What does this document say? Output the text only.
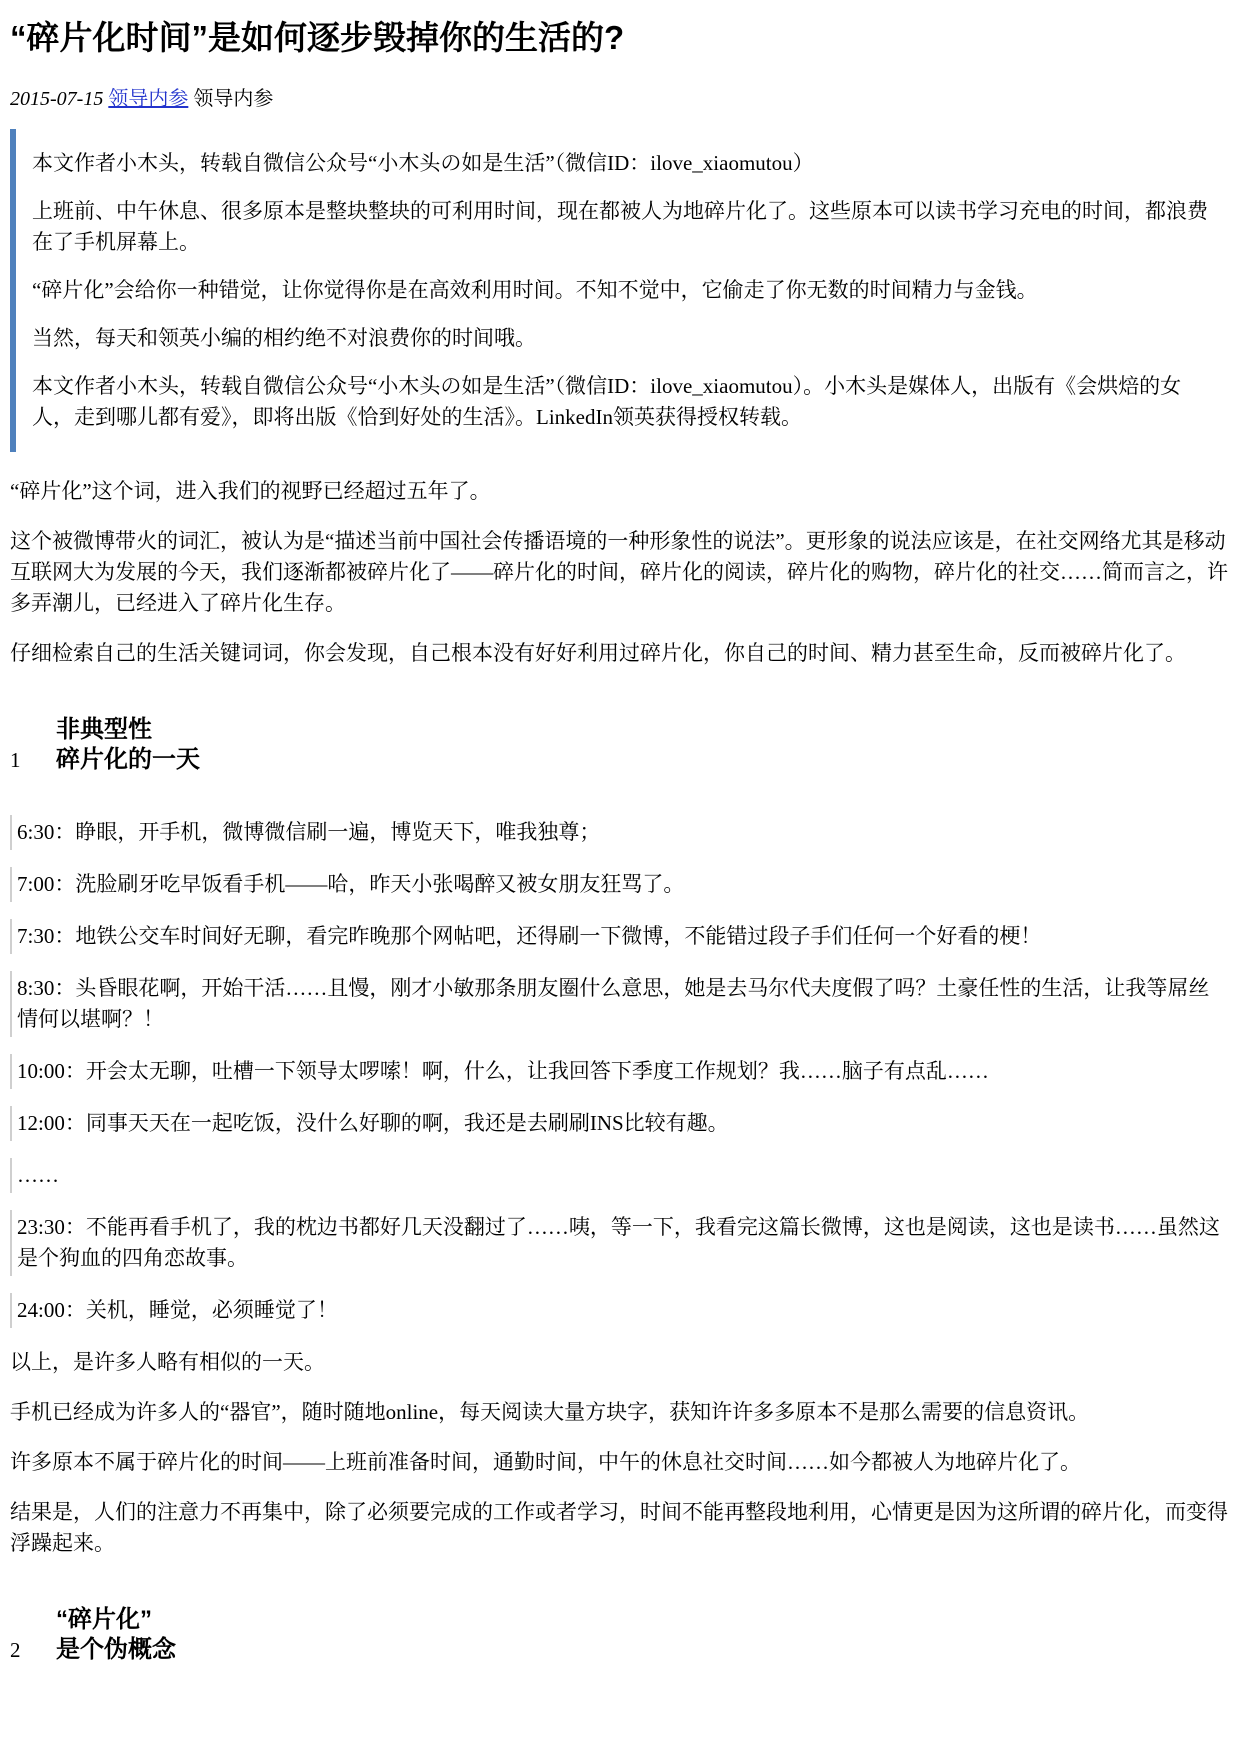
“碎片化时间”是如何逐步毁掉你的生活的?
2015-07-15 领导内参 领导内参

本文作者小木头，转载自微信公众号“小木头の如是生活”（微信ID：ilove_xiaomutou）

上班前、中午休息、很多原本是整块整块的可利用时间，现在都被人为地碎片化了。这些原本可以读书学习充电的时间，都浪费在了手机屏幕上。

“碎片化”会给你一种错觉，让你觉得你是在高效利用时间。不知不觉中，它偷走了你无数的时间精力与金钱。

当然，每天和领英小编的相约绝不对浪费你的时间哦。

本文作者小木头，转载自微信公众号“小木头の如是生活”（微信ID：ilove_xiaomutou）。小木头是媒体人，出版有《会烘焙的女人，走到哪儿都有爱》，即将出版《恰到好处的生活》。LinkedIn领英获得授权转载。

“碎片化”这个词，进入我们的视野已经超过五年了。

这个被微博带火的词汇，被认为是“描述当前中国社会传播语境的一种形象性的说法”。更形象的说法应该是，在社交网络尤其是移动互联网大为发展的今天，我们逐渐都被碎片化了——碎片化的时间，碎片化的阅读，碎片化的购物，碎片化的社交……简而言之，许多弄潮儿，已经进入了碎片化生存。

仔细检索自己的生活关键词词，你会发现，自己根本没有好好利用过碎片化，你自己的时间、精力甚至生命，反而被碎片化了。

1
非典型性
碎片化的一天

6:30：睁眼，开手机，微博微信刷一遍，博览天下，唯我独尊；

7:00：洗脸刷牙吃早饭看手机——哈，昨天小张喝醉又被女朋友狂骂了。

7:30：地铁公交车时间好无聊，看完昨晚那个网帖吧，还得刷一下微博，不能错过段子手们任何一个好看的梗！

8:30：头昏眼花啊，开始干活……且慢，刚才小敏那条朋友圈什么意思，她是去马尔代夫度假了吗？土豪任性的生活，让我等屌丝情何以堪啊？！

10:00：开会太无聊，吐槽一下领导太啰嗦！啊，什么，让我回答下季度工作规划？我……脑子有点乱……

12:00：同事天天在一起吃饭，没什么好聊的啊，我还是去刷刷INS比较有趣。

……

23:30：不能再看手机了，我的枕边书都好几天没翻过了……咦，等一下，我看完这篇长微博，这也是阅读，这也是读书……虽然这是个狗血的四角恋故事。

24:00：关机，睡觉，必须睡觉了！

以上，是许多人略有相似的一天。

手机已经成为许多人的“器官”，随时随地online，每天阅读大量方块字，获知许许多多原本不是那么需要的信息资讯。

许多原本不属于碎片化的时间——上班前准备时间，通勤时间，中午的休息社交时间……如今都被人为地碎片化了。

结果是，人们的注意力不再集中，除了必须要完成的工作或者学习，时间不能再整段地利用，心情更是因为这所谓的碎片化，而变得浮躁起来。

2
“碎片化”
是个伪概念
